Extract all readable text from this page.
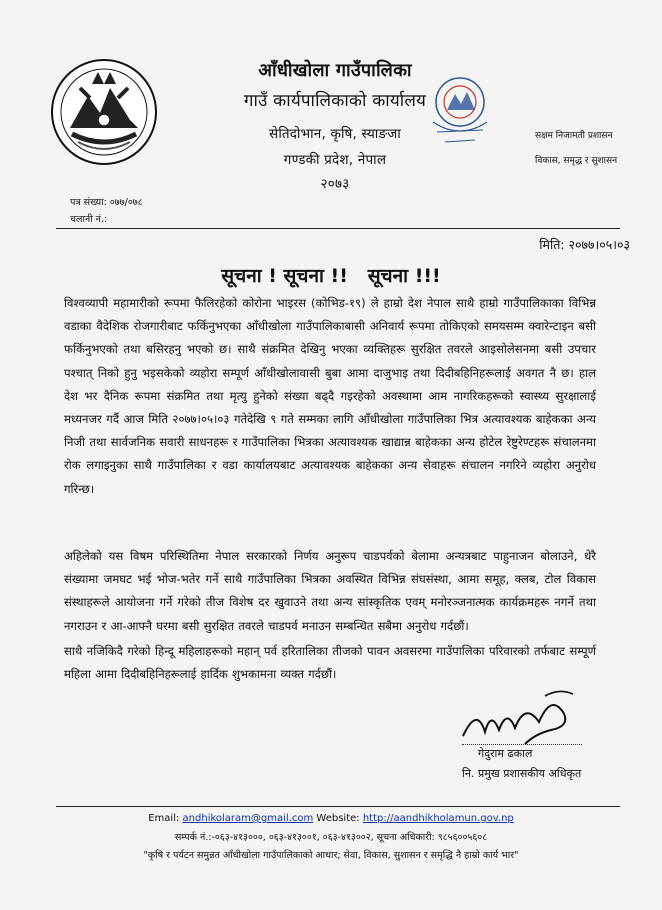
आँधीखोला गाउँपालिका
गाउँ कार्यपालिकाको कार्यालय
सेतिदोभान, कृषि, स्याङजा
गण्डकी प्रदेश, नेपाल
२०७३
सक्षम निजामती प्रशासन
विकास, समृद्ध र सुशासन
पत्र संख्या: ०७७/०७८
चलानी नं.:
मिति: २०७७।०५।०३
सूचना ! सूचना !!   सूचना !!!
विश्वव्यापी महामारीको रूपमा फैलिरहेको कोरोना भाइरस (कोभिड-१९) ले हाम्रो देश नेपाल साथै हाम्रो गाउँपालिकाका विभिन्न वडाका वैदेशिक रोजगारीबाट फर्किनुभएका आँधीखोला गाउँपालिकाबासी अनिवार्य रूपमा तोकिएको समयसम्म क्वारेन्टाइन बसी फर्किनुभएको तथा बसिरहनु भएको छ। साथै संक्रमित देखिनु भएका व्यक्तिहरू सुरक्षित तवरले आइसोलेसनमा बसी उपचार पश्चात् निको हुनु भइसकेको व्यहोरा सम्पूर्ण आँधीखोलावासी बुबा आमा दाजुभाइ तथा दिदीबहिनिहरूलाई अवगत नै छ। हाल देश भर दैनिक रूपमा संक्रमित तथा मृत्यु हुनेको संख्या बढ्दै गइरहेको अवस्थामा आम नागरिकहरूको स्वास्थ्य सुरक्षालाई मध्यनजर गर्दै आज मिति २०७७।०५।०३ गतेदेखि ९ गते सम्मका लागि आँधीखोला गाउँपालिका भित्र अत्यावश्यक बाहेकका अन्य निजी तथा सार्वजनिक सवारी साधनहरू र गाउँपालिका भित्रका अत्यावश्यक खाद्यान्न बाहेकका अन्य होटेल रेष्टुरेण्टहरू संचालनमा रोक लगाइनुका साथै गाउँपालिका र वडा कार्यालयबाट अत्यावश्यक बाहेकका अन्य सेवाहरू संचालन नगरिने व्यहोरा अनुरोध गरिन्छ।
अहिलेको यस विषम परिस्थितिमा नेपाल सरकारको निर्णय अनुरूप चाडपर्वको बेलामा अन्यत्रबाट पाहुनाजन बोलाउने, धेरै संख्यामा जमघट भई भोज-भतेर गर्ने साथै गाउँपालिका भित्रका अवस्थित विभिन्न संघसंस्था, आमा समूह, क्लब, टोल विकास संस्थाहरूले आयोजना गर्ने गरेको तीज विशेष दर खुवाउने तथा अन्य सांस्कृतिक एवम् मनोरञ्जनात्मक कार्यक्रमहरू नगर्ने तथा नगराउन र आ-आफ्नै घरमा बसी सुरक्षित तवरले चाडपर्व मनाउन सम्बन्धित सबैमा अनुरोध गर्दछौं।
साथै नजिकिदै गरेको हिन्दू महिलाहरूको महान् पर्व हरितालिका तीजको पावन अवसरमा गाउँपालिका परिवारको तर्फबाट सम्पूर्ण महिला आमा दिदीबहिनिहरूलाई हार्दिक शुभकामना व्यक्त गर्दछौं।
गेदुराम ढकाल
नि. प्रमुख प्रशासकीय अधिकृत
Email: andhikolaram@gmail.com Website: http://aandhikholamun.gov.np
सम्पर्क नं.:-०६३-४१३०००, ०६३-४१३००१, ०६३-४१३००२, सूचना अधिकारी: ९८५६००५६०८
"कृषि र पर्यटन समुन्नत आँधीखोला गाउँपालिकाको आधार; सेवा, विकास, सुशासन र समृद्धि नै हाम्रो कार्य भार"
